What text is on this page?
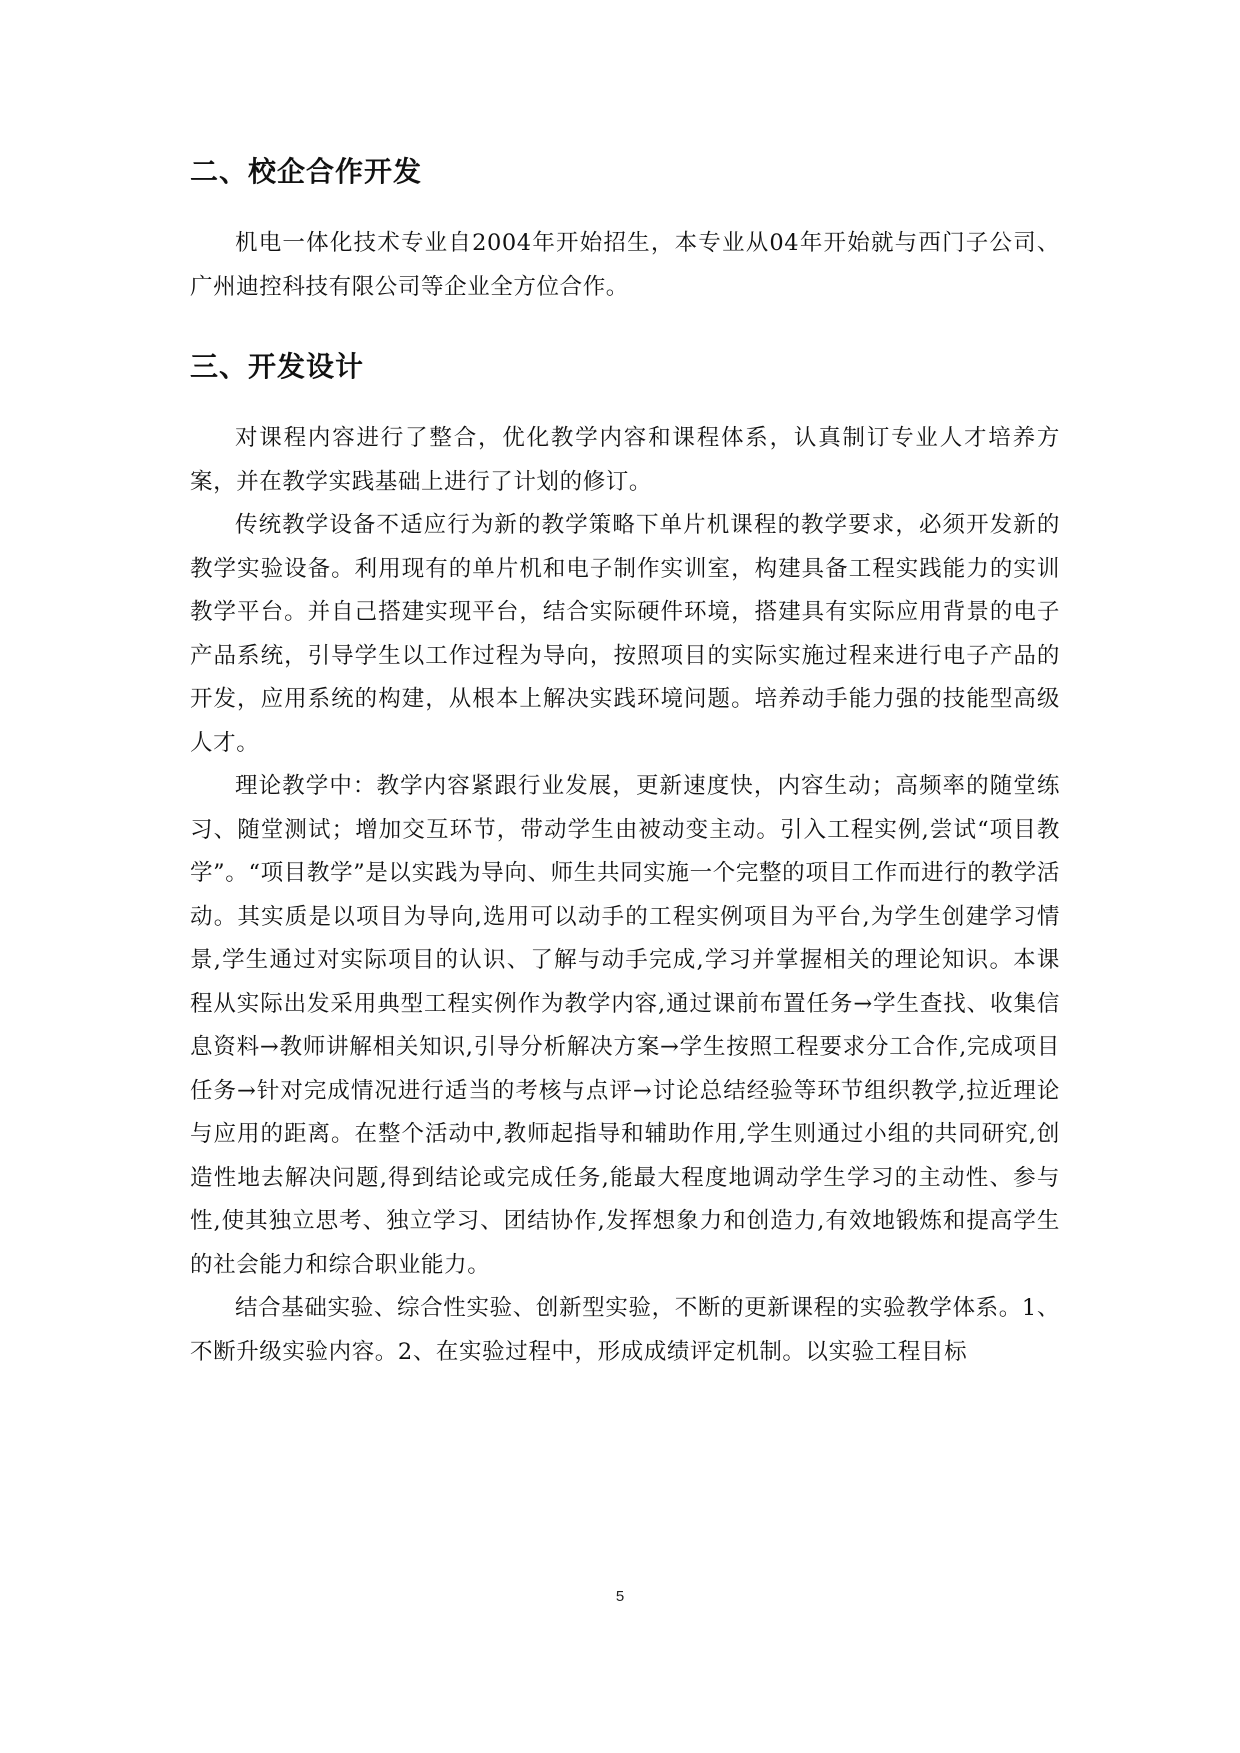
二、校企合作开发

机电一体化技术专业自2004年开始招生，本专业从04年开始就与西门子公司、广州迪控科技有限公司等企业全方位合作。

三、开发设计

对课程内容进行了整合，优化教学内容和课程体系，认真制订专业人才培养方案，并在教学实践基础上进行了计划的修订。

传统教学设备不适应行为新的教学策略下单片机课程的教学要求，必须开发新的教学实验设备。利用现有的单片机和电子制作实训室，构建具备工程实践能力的实训教学平台。并自己搭建实现平台，结合实际硬件环境，搭建具有实际应用背景的电子产品系统，引导学生以工作过程为导向，按照项目的实际实施过程来进行电子产品的开发，应用系统的构建，从根本上解决实践环境问题。培养动手能力强的技能型高级人才。

理论教学中：教学内容紧跟行业发展，更新速度快，内容生动；高频率的随堂练习、随堂测试；增加交互环节，带动学生由被动变主动。引入工程实例,尝试“项目教学”。“项目教学”是以实践为导向、师生共同实施一个完整的项目工作而进行的教学活动。其实质是以项目为导向,选用可以动手的工程实例项目为平台,为学生创建学习情景,学生通过对实际项目的认识、了解与动手完成,学习并掌握相关的理论知识。本课程从实际出发采用典型工程实例作为教学内容,通过课前布置任务→学生查找、收集信息资料→教师讲解相关知识,引导分析解决方案→学生按照工程要求分工合作,完成项目任务→针对完成情况进行适当的考核与点评→讨论总结经验等环节组织教学,拉近理论与应用的距离。在整个活动中,教师起指导和辅助作用,学生则通过小组的共同研究,创造性地去解决问题,得到结论或完成任务,能最大程度地调动学生学习的主动性、参与性,使其独立思考、独立学习、团结协作,发挥想象力和创造力,有效地锻炼和提高学生的社会能力和综合职业能力。

结合基础实验、综合性实验、创新型实验，不断的更新课程的实验教学体系。1、不断升级实验内容。2、在实验过程中，形成成绩评定机制。以实验工程目标

5
